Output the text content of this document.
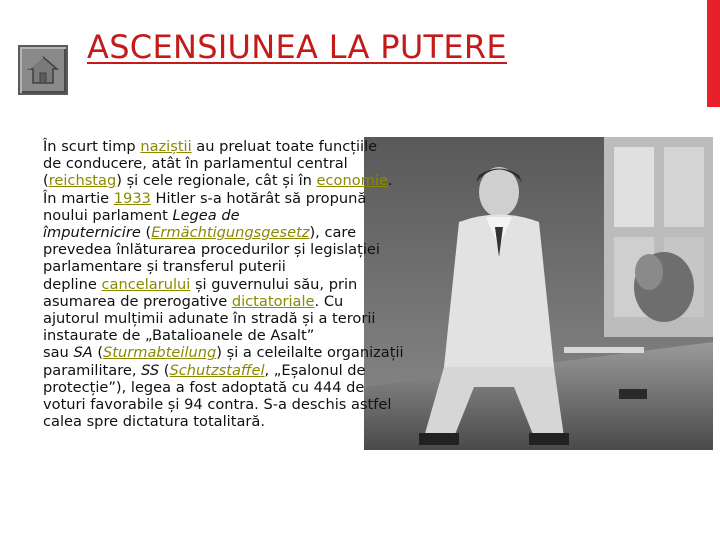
ASCENSIUNEA LA PUTERE
În scurt timp naziștii au preluat toate funcțiile
de conducere, atât în parlamentul central
(reichstag) și cele regionale, cât și în economie.
În martie 1933 Hitler s-a hotărât să propună
noului parlament Legea de
împuternicire (Ermächtigungsgesetz), care
prevedea înlăturarea procedurilor și legislației
parlamentare și transferul puterii
depline cancelarului și guvernului său, prin
asumarea de prerogative dictatoriale. Cu
ajutorul mulțimii adunate în stradă și a terorii
instaurate de „Batalioanele de Asalt”
sau SA (Sturmabteilung) și a celeilalte organizații
paramilitare, SS (Schutzstaffel, „Eșalonul de
protecție”), legea a fost adoptată cu 444 de
voturi favorabile și 94 contra. S-a deschis astfel
calea spre dictatura totalitară.
